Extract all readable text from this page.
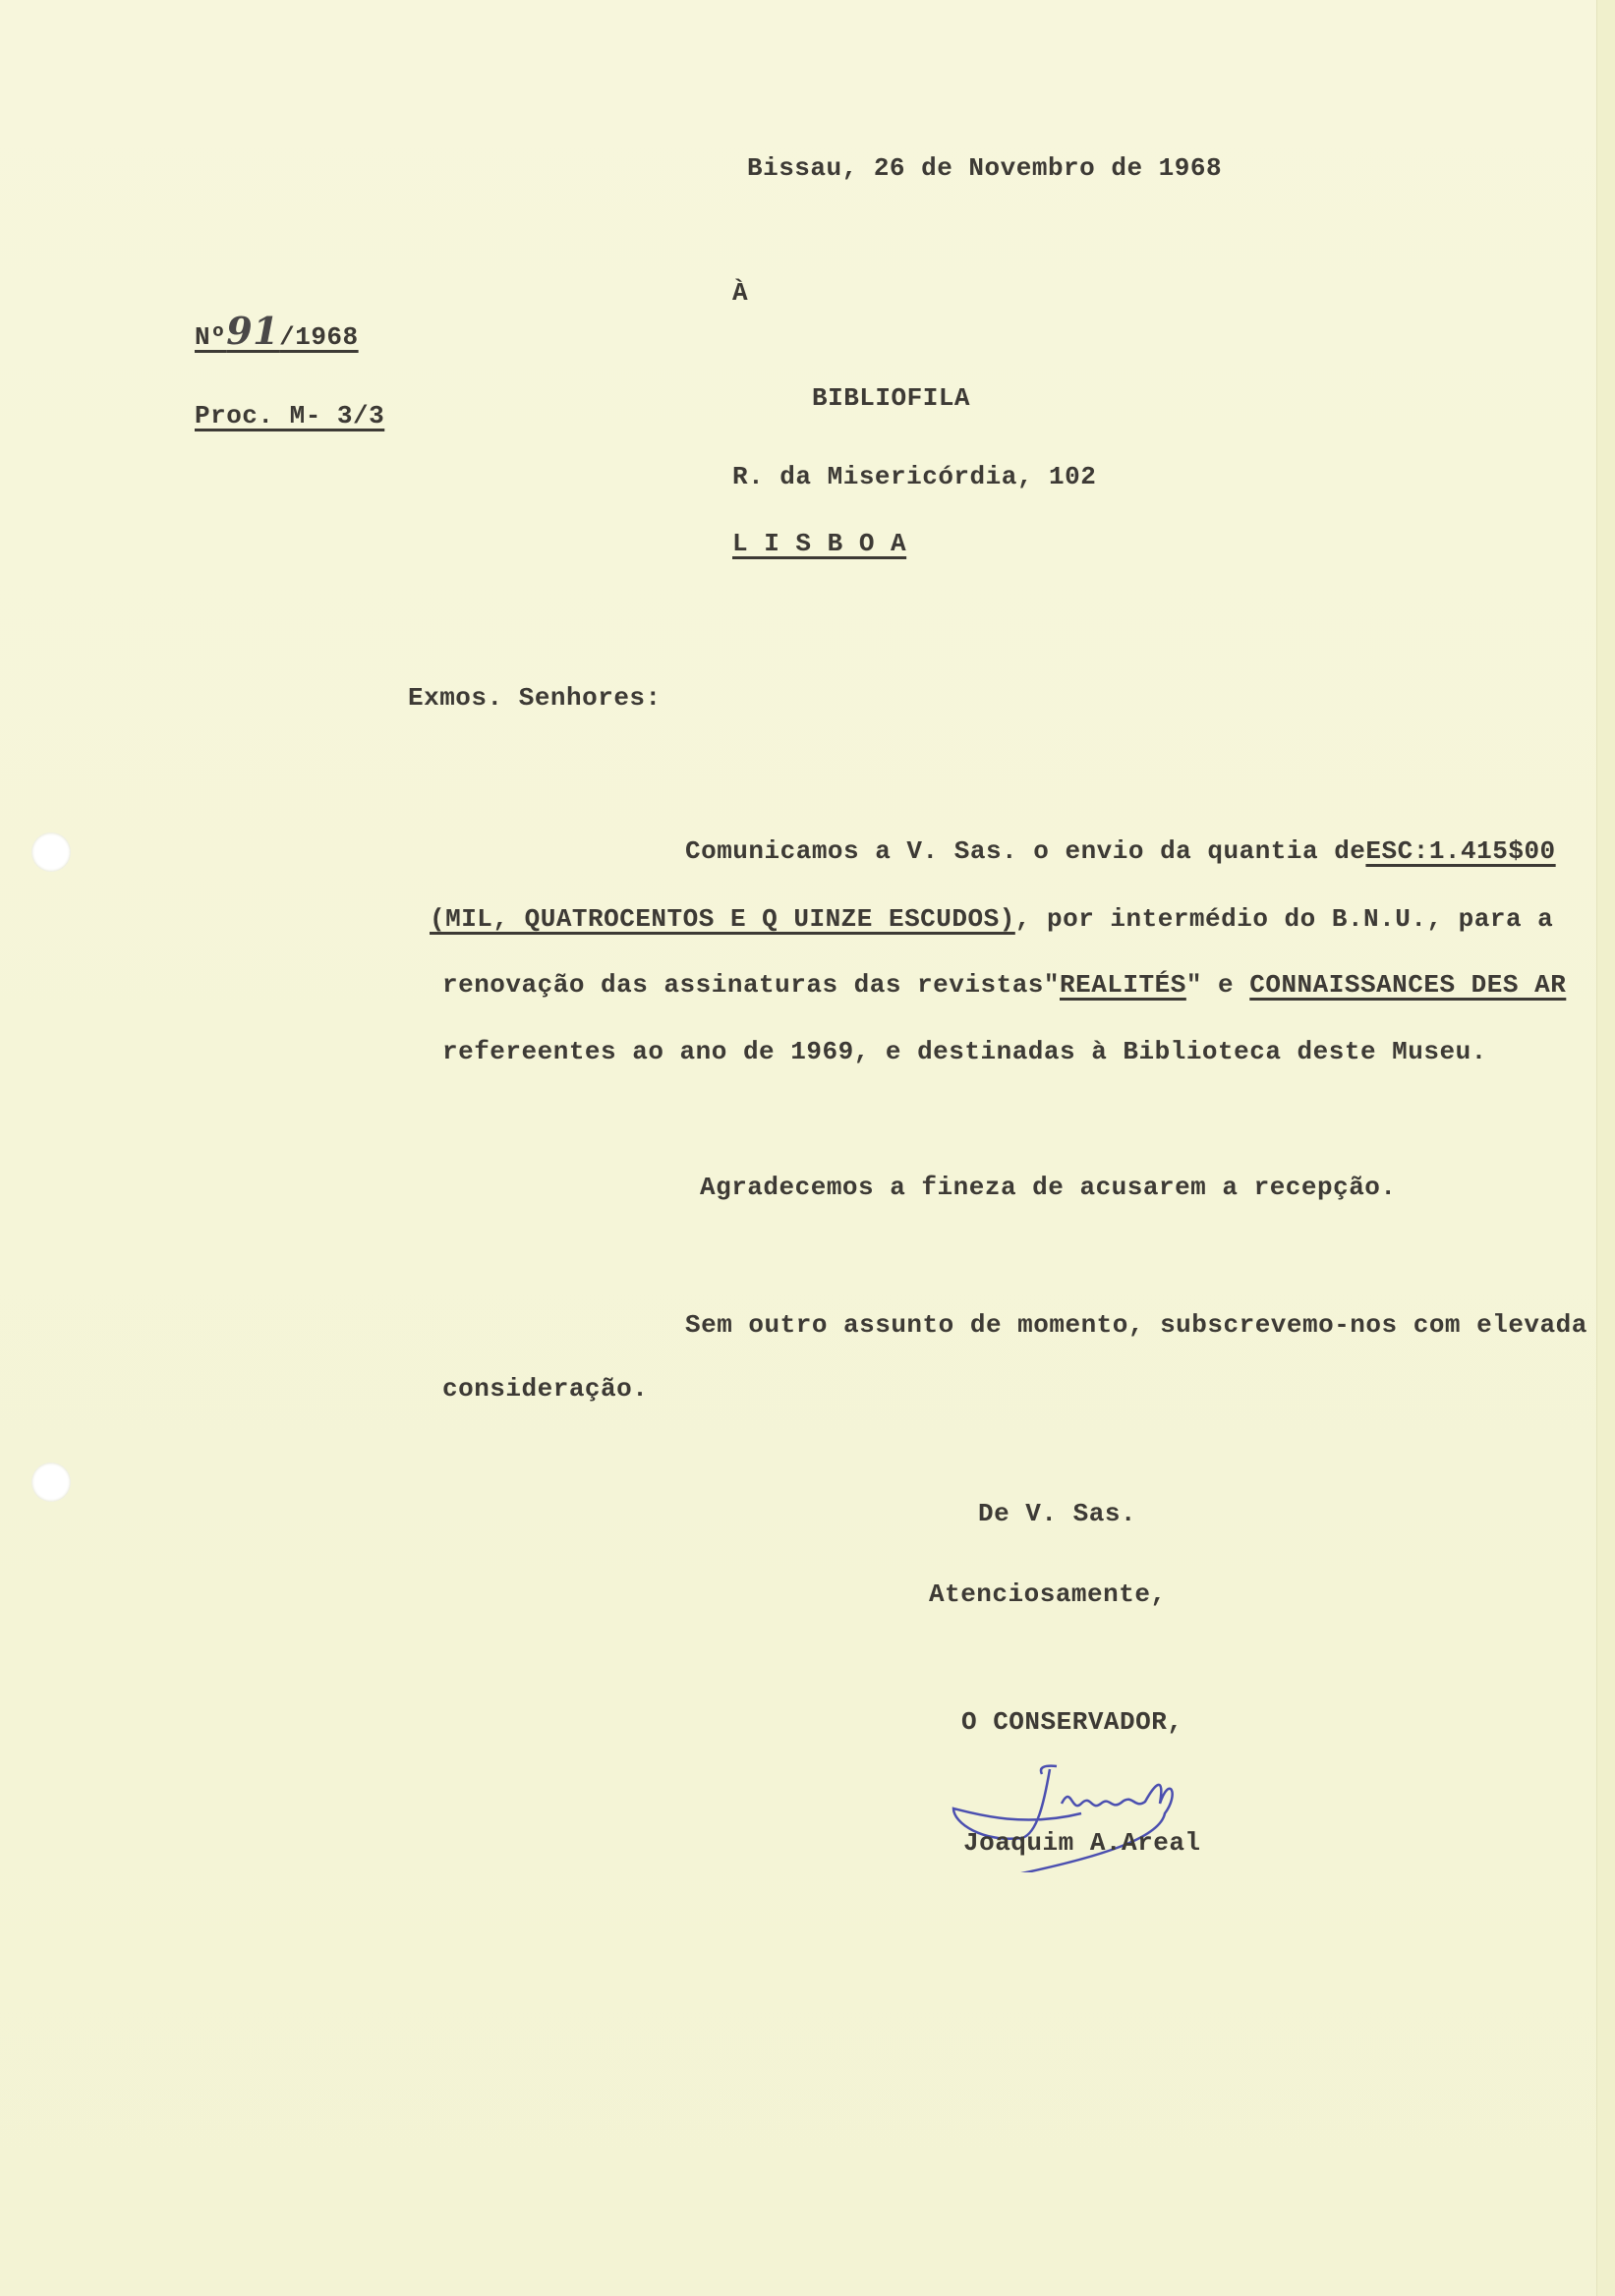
Bissau, 26 de Novembro de 1968
Nº91/1968
Proc. M- 3/3
À
BIBLIOFILA
R. da Misericórdia, 102
L I S B O A
Exmos. Senhores:
Comunicamos a V. Sas. o envio da quantia deESC:1.415$00
(MIL, QUATROCENTOS E Q UINZE ESCUDOS), por intermédio do B.N.U., para a
renovação das assinaturas das revistas"REALITÉS" e CONNAISSANCES DES AR
refereentes ao ano de 1969, e destinadas à Biblioteca deste Museu.
Agradecemos a fineza de acusarem a recepção.
Sem outro assunto de momento, subscrevemo-nos com elevada
consideração.
De V. Sas.
Atenciosamente,
O CONSERVADOR,
Joaquim A.Areal
